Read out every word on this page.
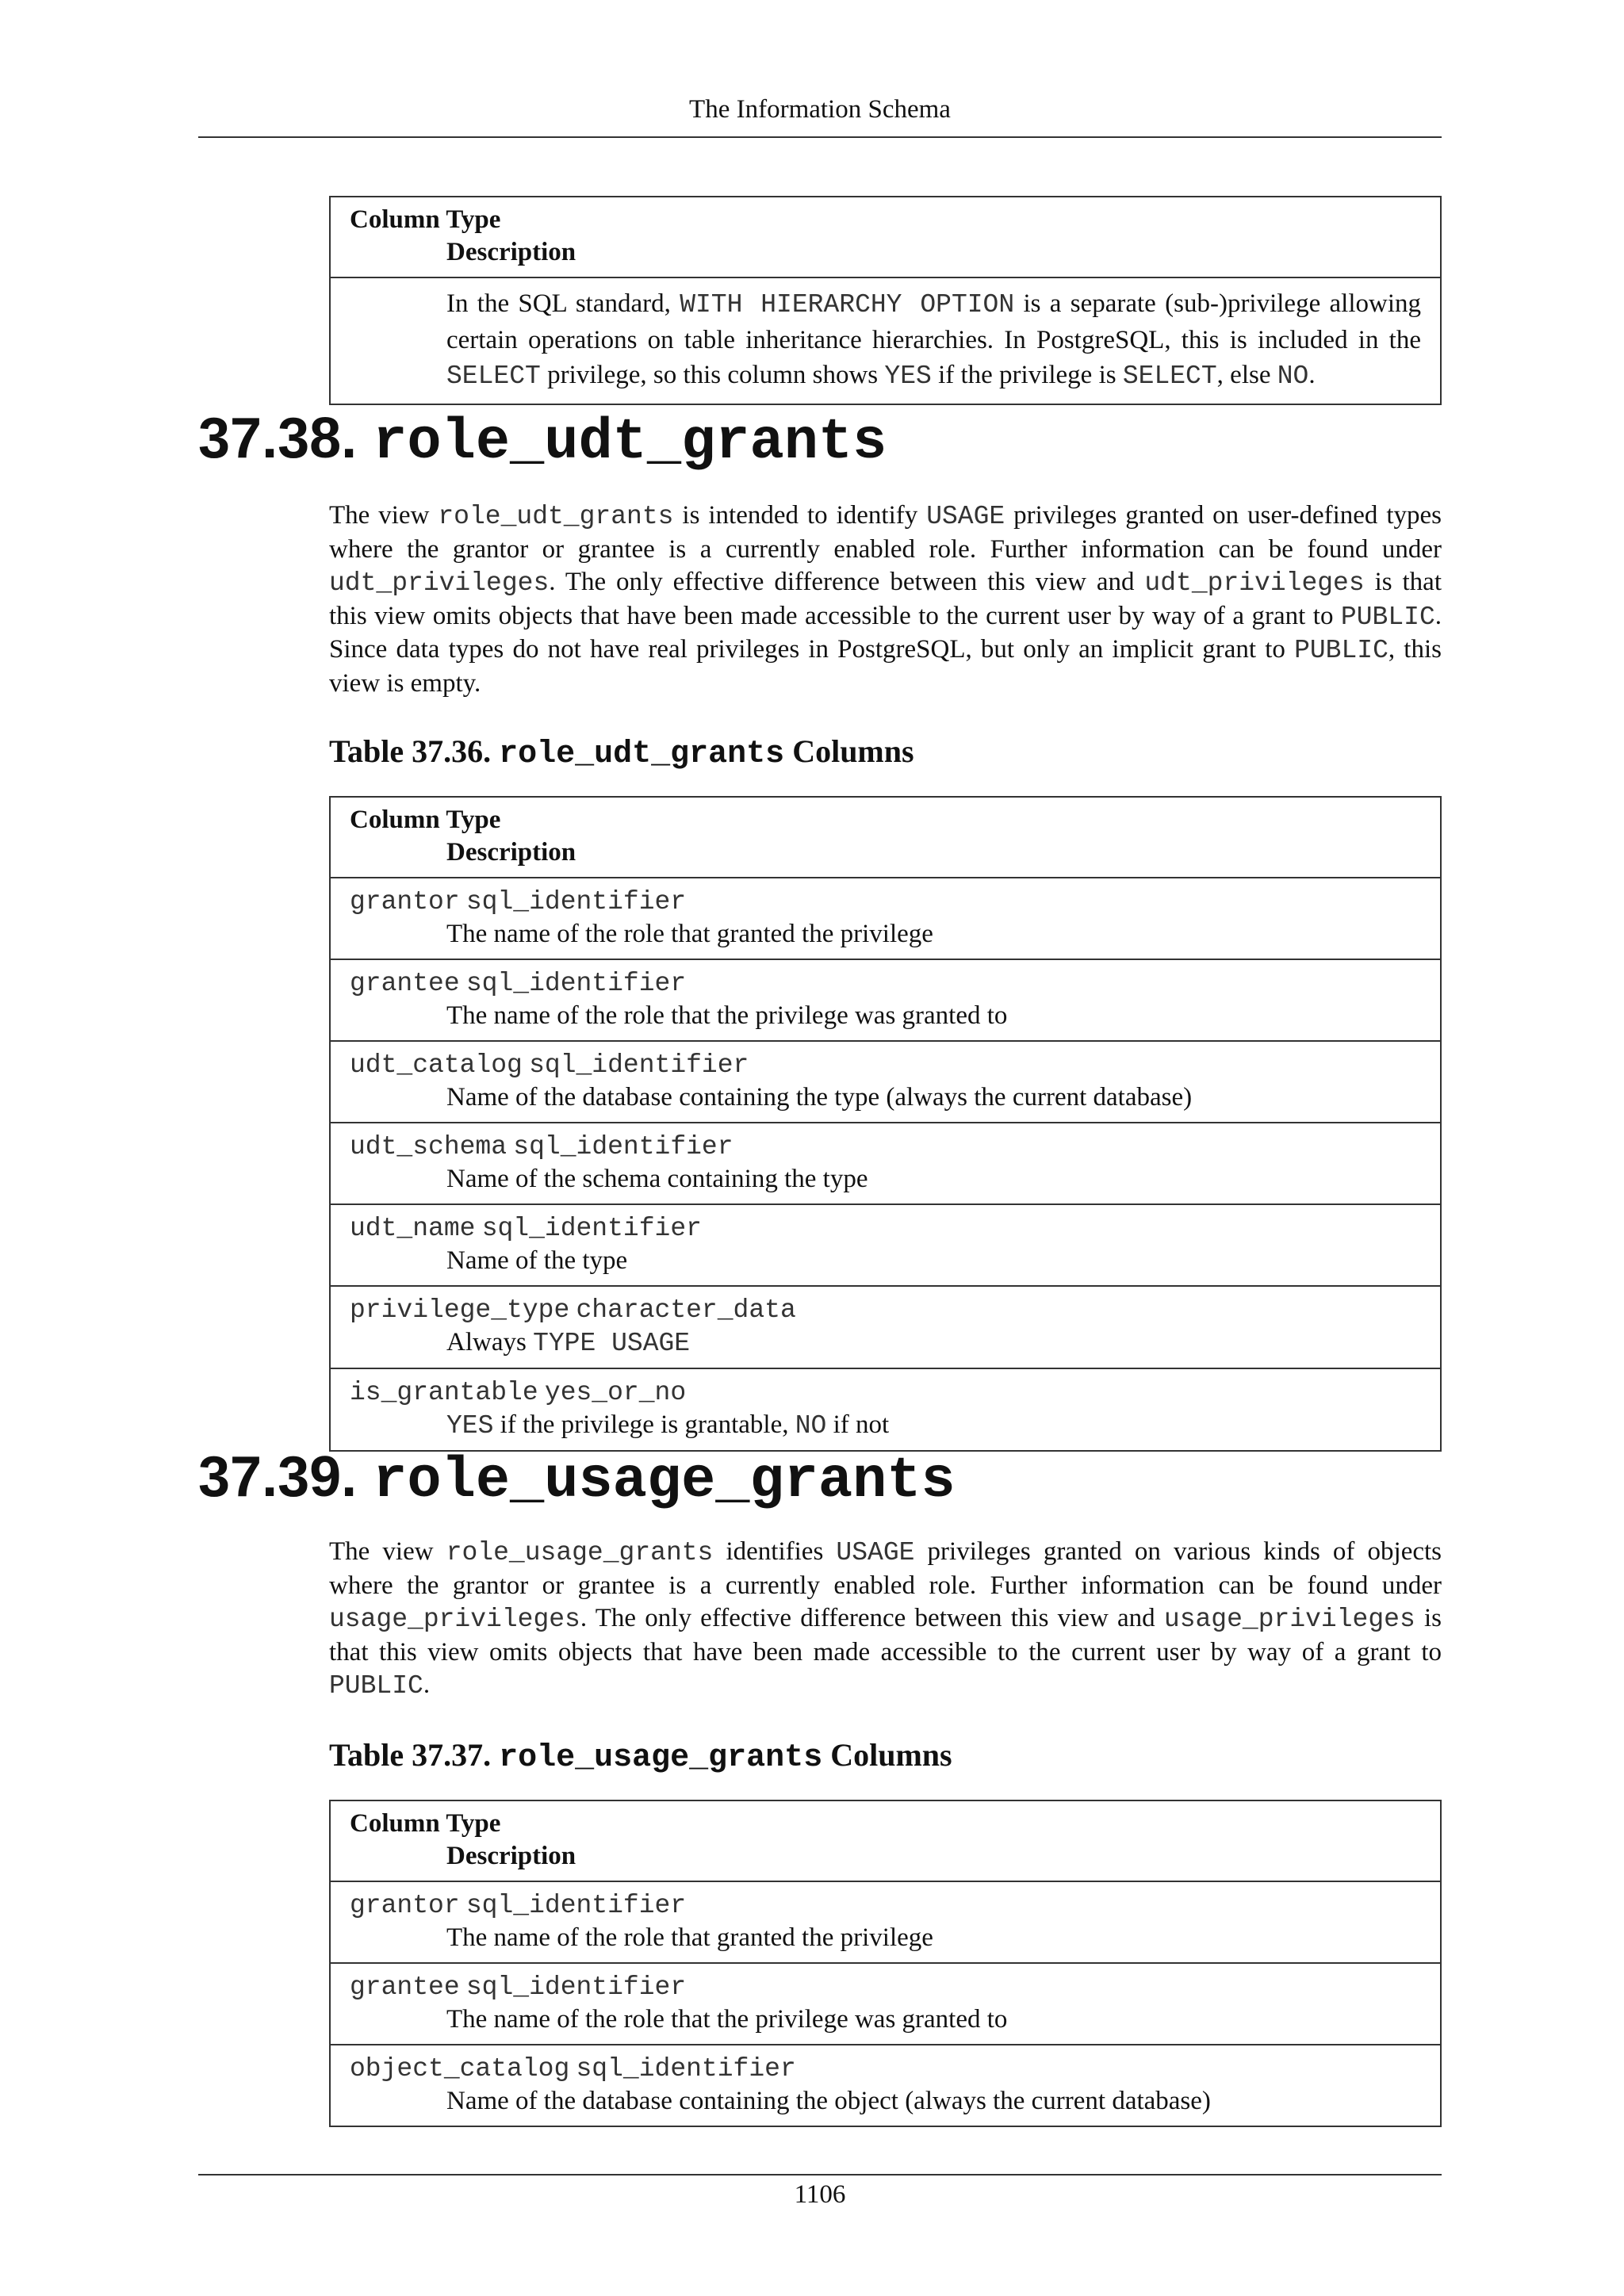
The Information Schema
Column Type
Description

In the SQL standard, WITH HIERARCHY OPTION is a separate (sub-)privilege allowing certain operations on table inheritance hierarchies. In PostgreSQL, this is included in the SELECT privilege, so this column shows YES if the privilege is SELECT, else NO.
37.38. role_udt_grants

The view role_udt_grants is intended to identify USAGE privileges granted on user-defined types where the grantor or grantee is a currently enabled role. Further information can be found under udt_privileges. The only effective difference between this view and udt_privileges is that this view omits objects that have been made accessible to the current user by way of a grant to PUBLIC. Since data types do not have real privileges in PostgreSQL, but only an implicit grant to PUBLIC, this view is empty.

Table 37.36. role_udt_grants Columns

Column Type
Description

grantor sql_identifier
The name of the role that granted the privilege

grantee sql_identifier
The name of the role that the privilege was granted to

udt_catalog sql_identifier
Name of the database containing the type (always the current database)

udt_schema sql_identifier
Name of the schema containing the type

udt_name sql_identifier
Name of the type

privilege_type character_data
Always TYPE USAGE

is_grantable yes_or_no
YES if the privilege is grantable, NO if not
37.39. role_usage_grants

The view role_usage_grants identifies USAGE privileges granted on various kinds of objects where the grantor or grantee is a currently enabled role. Further information can be found under usage_privileges. The only effective difference between this view and usage_privileges is that this view omits objects that have been made accessible to the current user by way of a grant to PUBLIC.

Table 37.37. role_usage_grants Columns

Column Type
Description

grantor sql_identifier
The name of the role that granted the privilege

grantee sql_identifier
The name of the role that the privilege was granted to

object_catalog sql_identifier
Name of the database containing the object (always the current database)
1106
